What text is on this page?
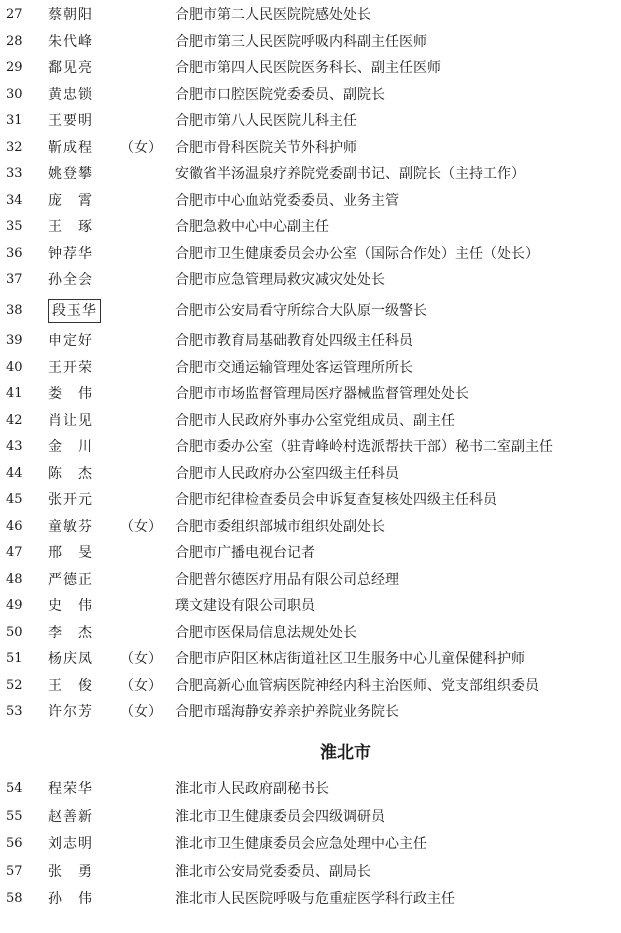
27	蔡朝阳	合肥市第二人民医院院感处处长
28	朱代峰	合肥市第三人民医院呼吸内科副主任医师
29	鄱见亮	合肥市第四人民医院医务科长、副主任医师
30	黄忠锁	合肥市口腔医院党委委员、副院长
31	王要明	合肥市第八人民医院儿科主任
32	靳成程 （女） 合肥市骨科医院关节外科护师
33	姚登攀	安徽省半汤温泉疗养院党委副书记、副院长（主持工作）
34	庞　霄	合肥市中心血站党委委员、业务主管
35	王　琢	合肥急救中心中心副主任
36	钟荐华	合肥市卫生健康委员会办公室（国际合作处）主任（处长）
37	孙全会	合肥市应急管理局救灾减灾处处长
38	段玉华	合肥市公安局看守所综合大队原一级警长
39	申定好	合肥市教育局基础教育处四级主任科员
40	王开荣	合肥市交通运输管理处客运管理所所长
41	娄　伟	合肥市市场监督管理局医疗器械监督管理处处长
42	肖让见	合肥市人民政府外事办公室党组成员、副主任
43	金　川	合肥市委办公室（驻青峰岭村选派帮扶干部）秘书二室副主任
44	陈　杰	合肥市人民政府办公室四级主任科员
45	张开元	合肥市纪律检查委员会申诉复查复核处四级主任科员
46	童敏芬 （女） 合肥市委组织部城市组织处副处长
47	邢　旻	合肥市广播电视台记者
48	严德正	合肥普尔德医疗用品有限公司总经理
49	史　伟	璞文建设有限公司职员
50	李　杰	合肥市医保局信息法规处处长
51	杨庆凤 （女） 合肥市庐阳区林店街道社区卫生服务中心儿童保健科护师
52	王　俊 （女） 合肥高新心血管病医院神经内科主治医师、党支部组织委员
53	许尔芳 （女） 合肥市瑶海静安养亲护养院业务院长
淮北市
54	程荣华	淮北市人民政府副秘书长
55	赵善新	淮北市卫生健康委员会四级调研员
56	刘志明	淮北市卫生健康委员会应急处理中心主任
57	张　勇	淮北市公安局党委委员、副局长
58	孙　伟	淮北市人民医院呼吸与危重症医学科行政主任
